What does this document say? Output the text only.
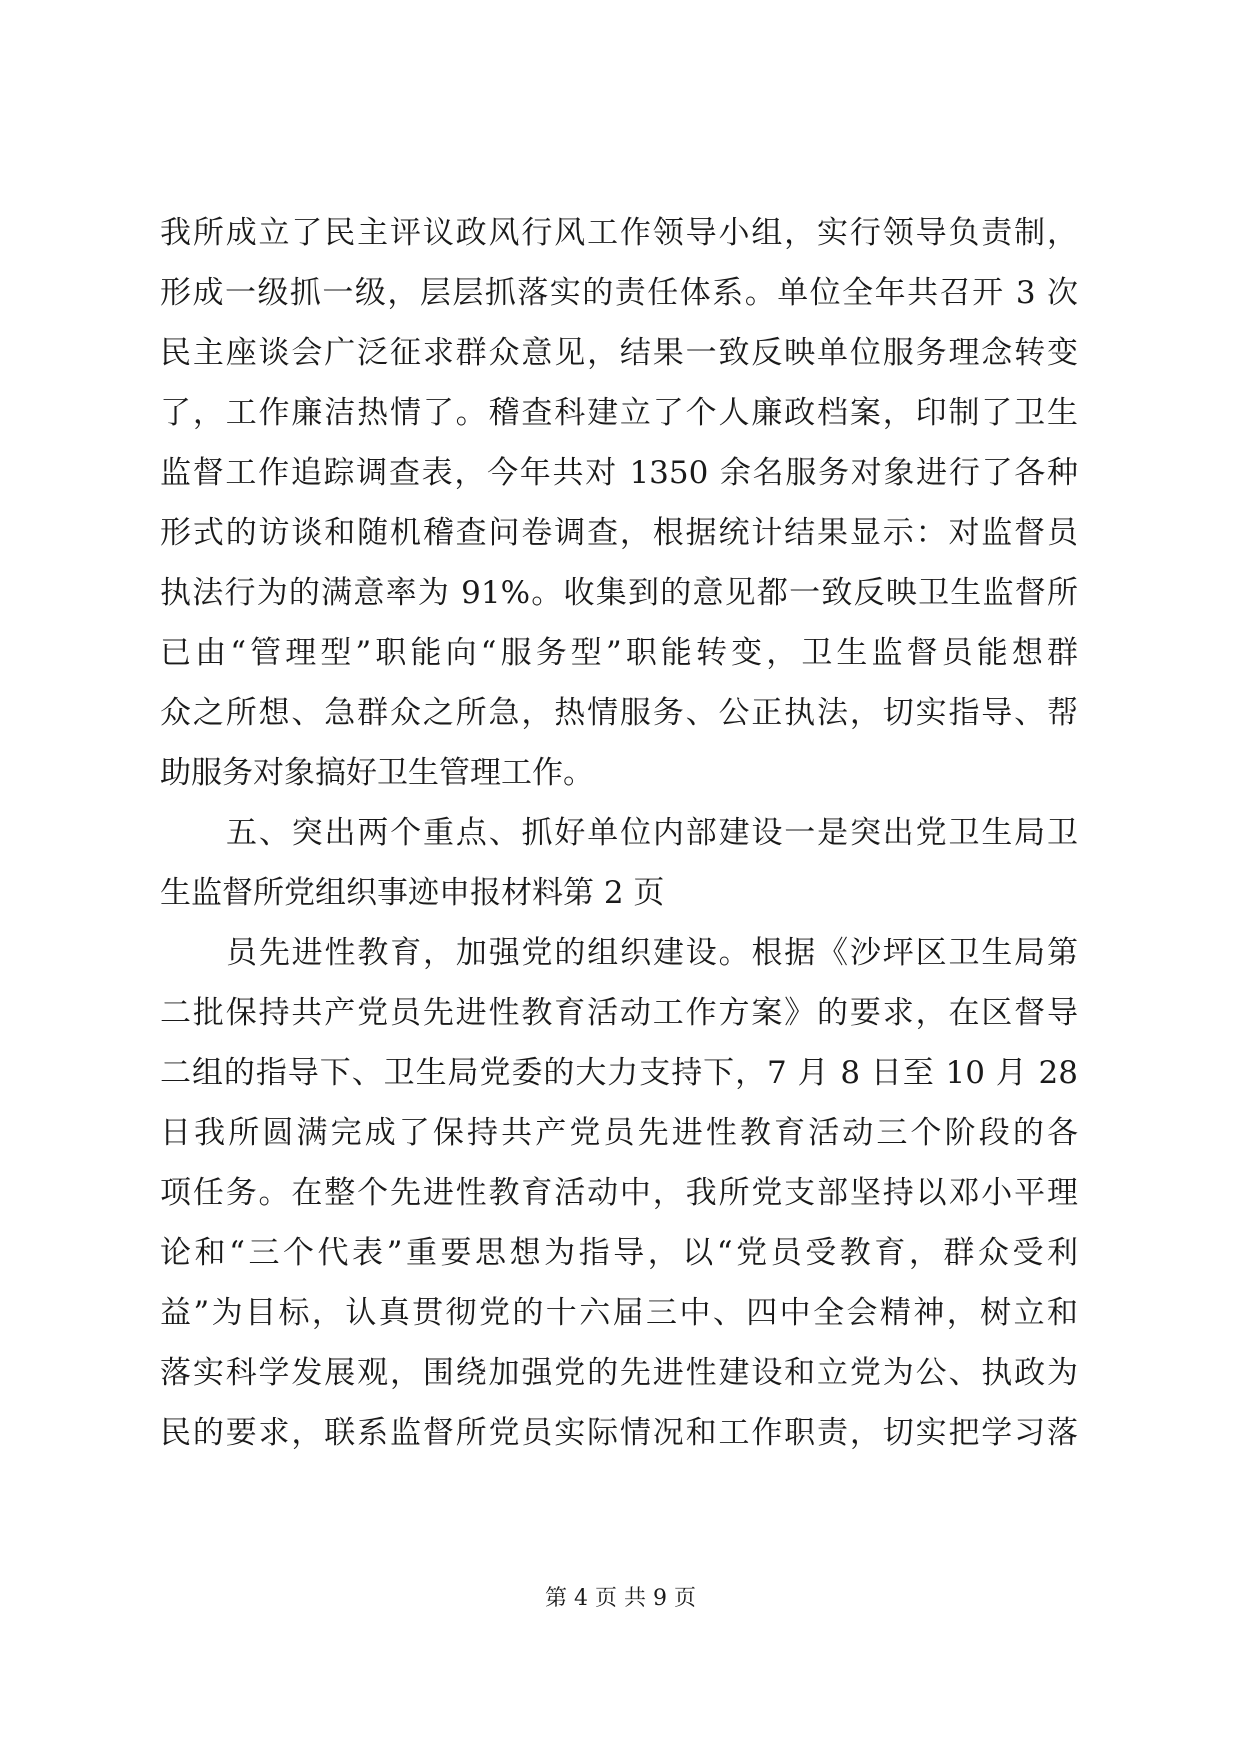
我所成立了民主评议政风行风工作领导小组，实行领导负责制，
形成一级抓一级，层层抓落实的责任体系。单位全年共召开 3 次
民主座谈会广泛征求群众意见，结果一致反映单位服务理念转变
了，工作廉洁热情了。稽查科建立了个人廉政档案，印制了卫生
监督工作追踪调查表，今年共对 1350 余名服务对象进行了各种
形式的访谈和随机稽查问卷调查，根据统计结果显示：对监督员
执法行为的满意率为 91%。收集到的意见都一致反映卫生监督所
已由“管理型”职能向“服务型”职能转变，卫生监督员能想群
众之所想、急群众之所急，热情服务、公正执法，切实指导、帮
助服务对象搞好卫生管理工作。
五、突出两个重点、抓好单位内部建设一是突出党卫生局卫
生监督所党组织事迹申报材料第 2 页
员先进性教育，加强党的组织建设。根据《沙坪区卫生局第
二批保持共产党员先进性教育活动工作方案》的要求，在区督导
二组的指导下、卫生局党委的大力支持下，7 月 8 日至 10 月 28
日我所圆满完成了保持共产党员先进性教育活动三个阶段的各
项任务。在整个先进性教育活动中，我所党支部坚持以邓小平理
论和“三个代表”重要思想为指导，以“党员受教育，群众受利
益”为目标，认真贯彻党的十六届三中、四中全会精神，树立和
落实科学发展观，围绕加强党的先进性建设和立党为公、执政为
民的要求，联系监督所党员实际情况和工作职责，切实把学习落
第 4 页 共 9 页
